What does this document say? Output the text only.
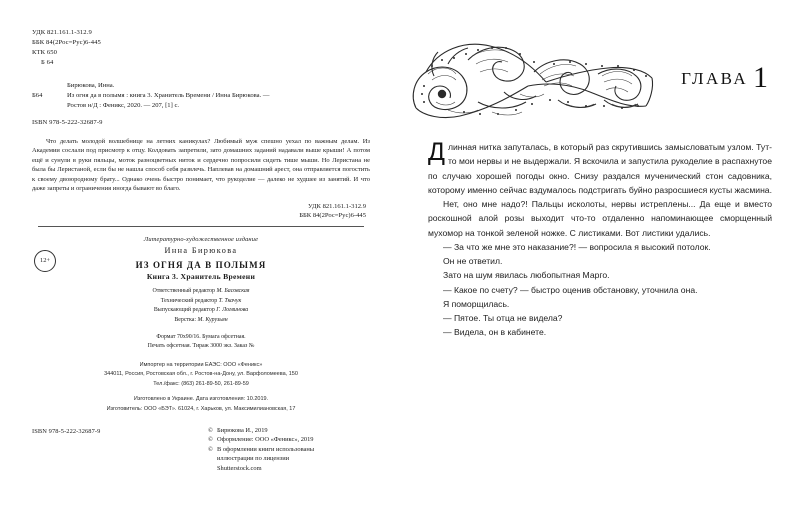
УДК 821.161.1-312.9
ББК 84(2Рос=Рус)6-445
КТК 650
Б 64
Бирюкова, Инна.
Б64	Из огня да в полымя : книга 3. Хранитель Времени / Инна Бирюкова. —
Ростов н/Д : Феникс, 2020. — 207, [1] с.
ISBN 978-5-222-32687-9
Что делать молодой волшебнице на летних каникулах? Любимый муж спешно уехал по важным делам. Из Академии сослали под присмотр к отцу. Колдовать запретили, зато домашних заданий надавали выше крыши! А потом ещё и сунули в руки пяльцы, моток разноцветных ниток и сердечно попросили сидеть тише мыши. Но Леристана не была бы Леристаной, если бы не нашла способ себя развлечь. Наплевав на домашний арест, она отправляется погостить к своему двоюродному брату... Однако очень быстро понимает, что рукоделие — далеко не худшее из занятий. И что даже запреты и ограничения иногда бывают во благо.
УДК 821.161.1-312.9
ББК 84(2Рос=Рус)6-445
12+
Литературно-художественное издание
Инна Бирюкова
ИЗ ОГНЯ ДА В ПОЛЫМЯ
Книга 3. Хранитель Времени
Ответственный редактор М. Басовская
Технический редактор Т. Ткачук
Выпускающий редактор Г. Логвинова
Верстка: М. Курузьян
Формат 70х90/16. Бумага офсетная.
Печать офсетная. Тираж 3000 экз. Заказ №
Импортер на территории ЕАЭС: ООО «Феникс»
344011, Россия, Ростовская обл., г. Ростов-на-Дону, ул. Варфоломеева, 150
Тел./факс: (863) 261-89-50, 261-89-59
Изготовлено в Украине. Дата изготовления: 10.2019.
Изготовитель: ООО «БЭТ». 61024, г. Харьков, ул. Максимилиановская, 17
ISBN 978-5-222-32687-9	© Бирюкова И., 2019
© Оформление: ООО «Феникс», 2019
© В оформлении книги использованы
иллюстрации по лицензии
Shutterstock.com
ГЛАВА 1

Длинная нитка запуталась, в который раз скрутившись замысловатым узлом. Тут-то мои нервы и не выдержали. Я вскочила и запустила рукоделие в распахнутое по случаю хорошей погоды окно. Снизу раздался мученический стон садовника, которому именно сейчас вздумалось подстригать буйно разросшиеся кусты жасмина.

Нет, оно мне надо?! Пальцы исколоты, нервы истреплены... Да еще и вместо роскошной алой розы выходит что-то отдаленно напоминающее сморщенный мухомор на тонкой зеленой ножке. С листиками. Вот листики удались.

— За что же мне это наказание?! — вопросила я высокий потолок.

Он не ответил.

Зато на шум явилась любопытная Марго.

— Какое по счету? — быстро оценив обстановку, уточнила она.

Я поморщилась.

— Пятое. Ты отца не видела?

— Видела, он в кабинете.
